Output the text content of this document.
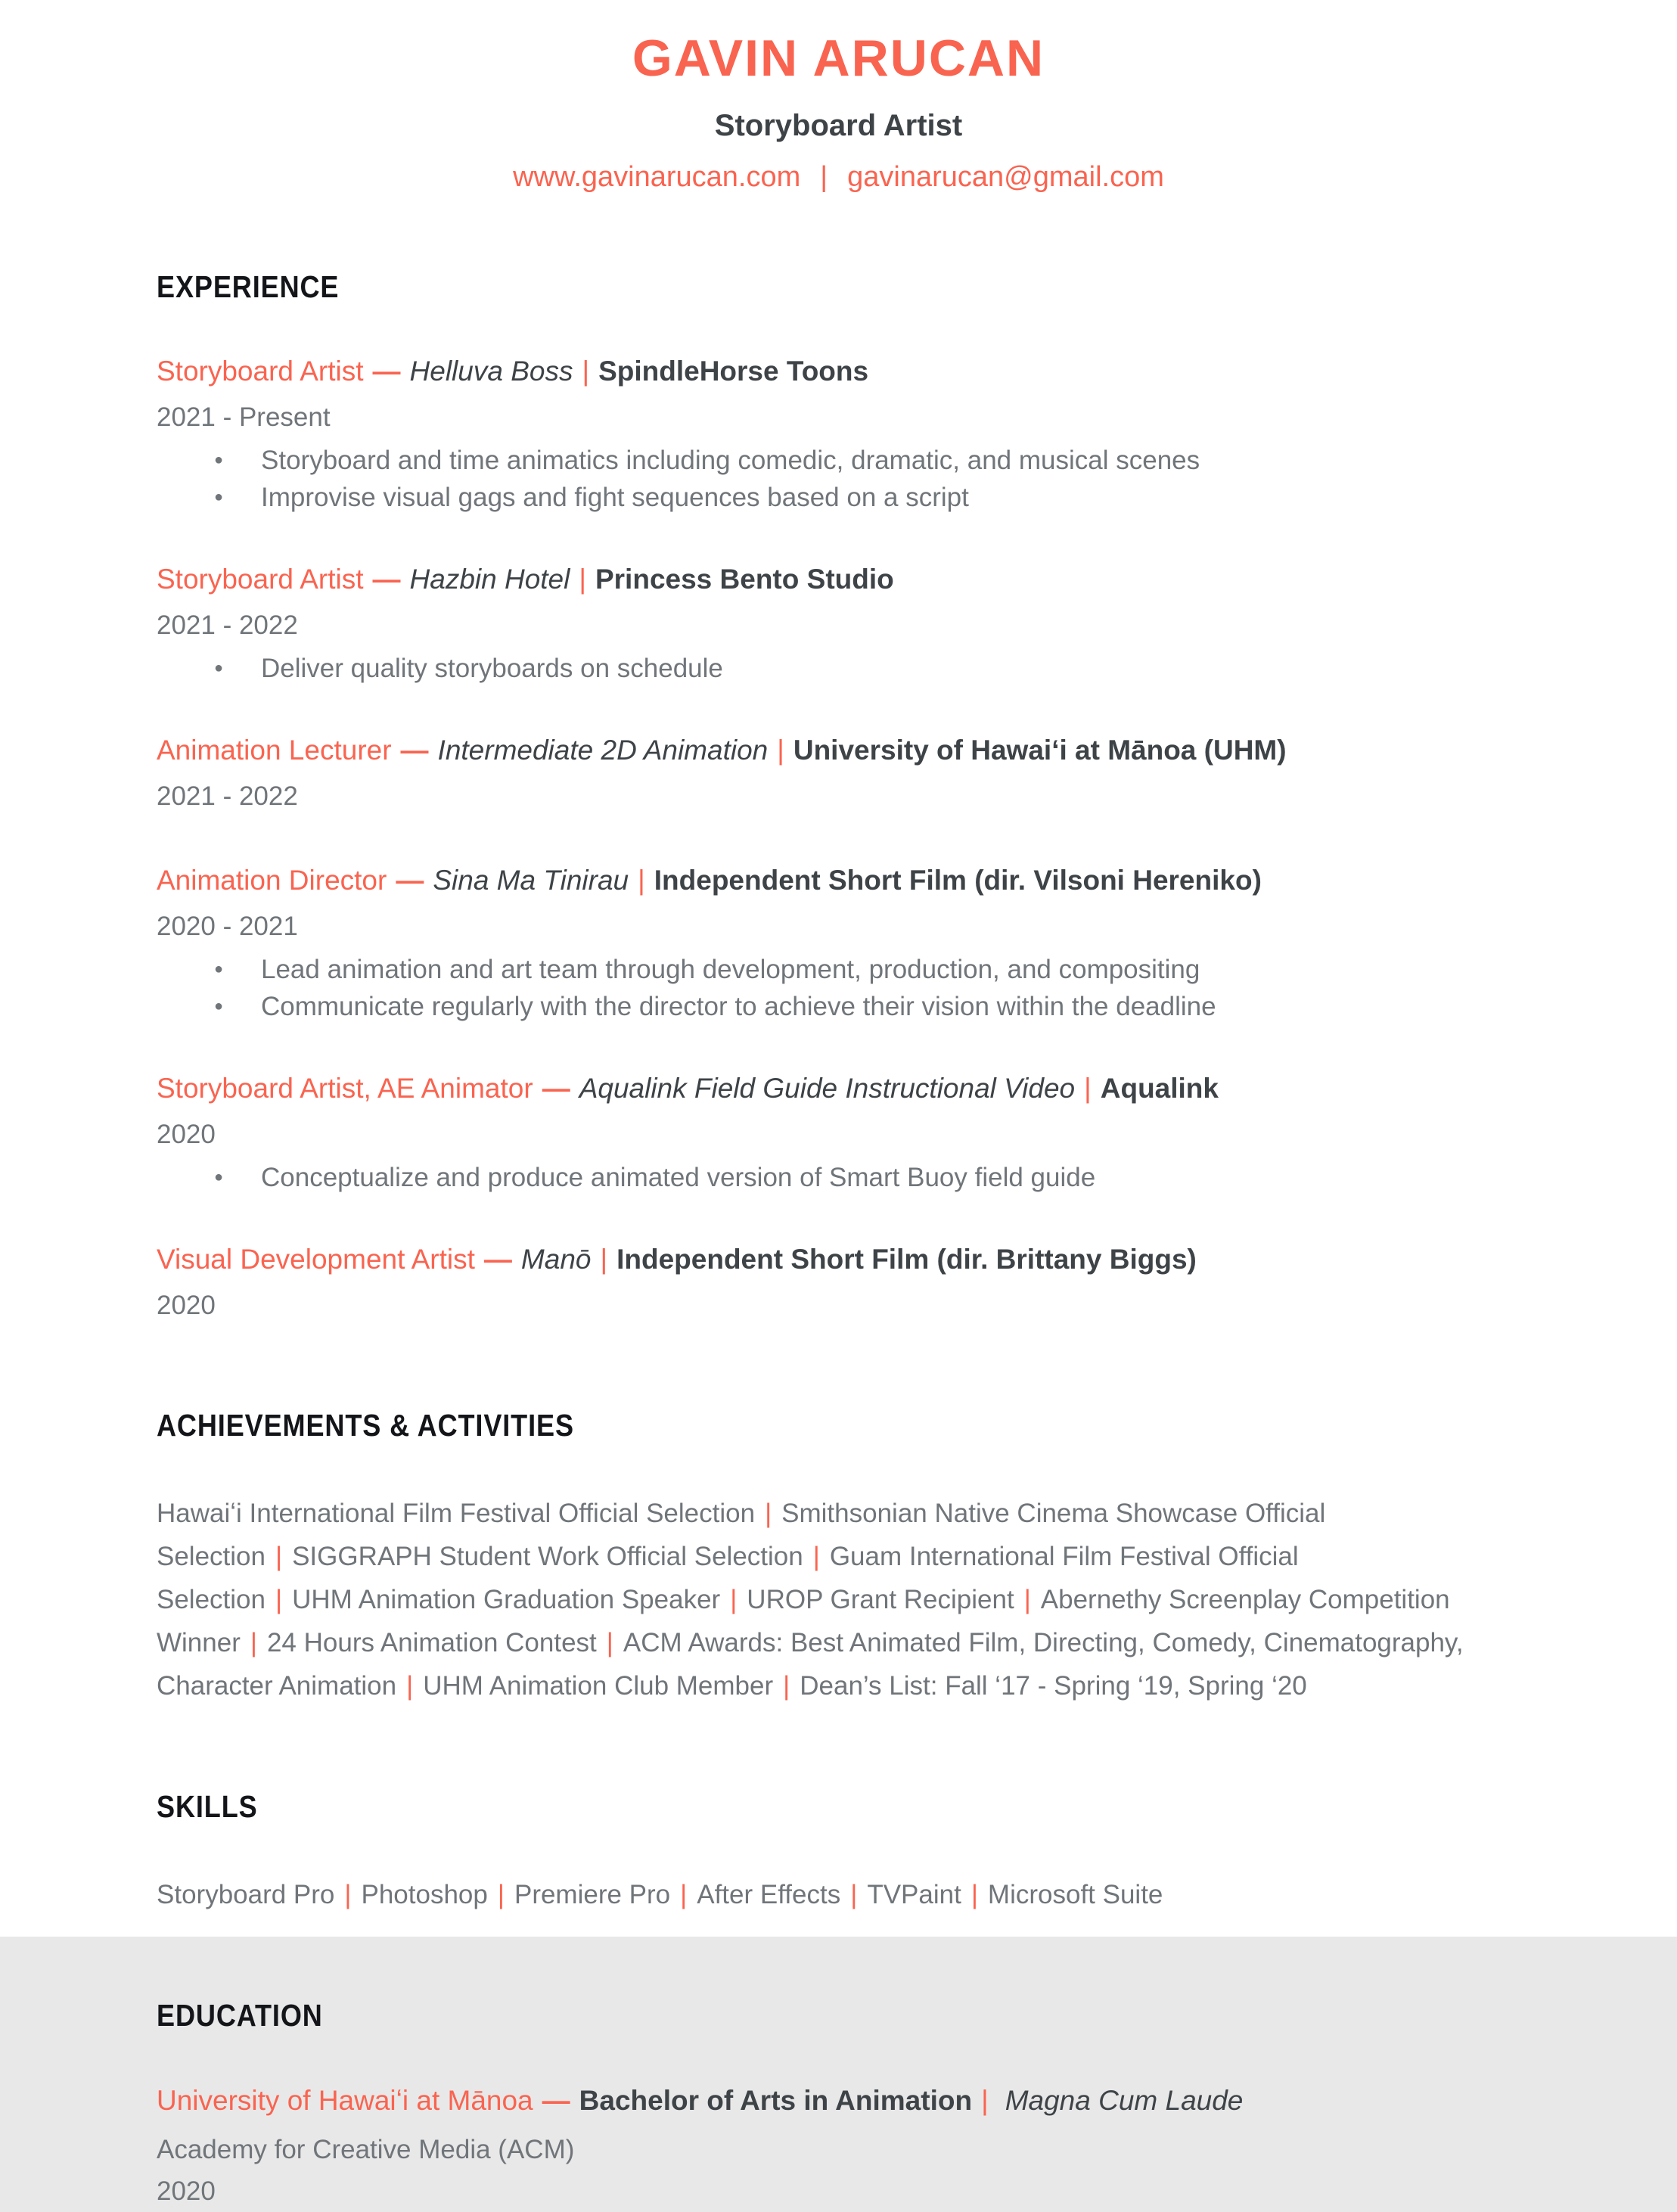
GAVIN ARUCAN
Storyboard Artist
www.gavinarucan.com | gavinarucan@gmail.com
EXPERIENCE
Storyboard Artist — Helluva Boss | SpindleHorse Toons
2021 - Present
● Storyboard and time animatics including comedic, dramatic, and musical scenes
● Improvise visual gags and fight sequences based on a script
Storyboard Artist — Hazbin Hotel | Princess Bento Studio
2021 - 2022
● Deliver quality storyboards on schedule
Animation Lecturer — Intermediate 2D Animation | University of Hawaiʻi at Mānoa (UHM)
2021 - 2022
Animation Director — Sina Ma Tinirau | Independent Short Film (dir. Vilsoni Hereniko)
2020 - 2021
● Lead animation and art team through development, production, and compositing
● Communicate regularly with the director to achieve their vision within the deadline
Storyboard Artist, AE Animator — Aqualink Field Guide Instructional Video | Aqualink
2020
● Conceptualize and produce animated version of Smart Buoy field guide
Visual Development Artist — Manō | Independent Short Film (dir. Brittany Biggs)
2020
ACHIEVEMENTS & ACTIVITIES

Hawaiʻi International Film Festival Official Selection | Smithsonian Native Cinema Showcase Official Selection | SIGGRAPH Student Work Official Selection | Guam International Film Festival Official Selection | UHM Animation Graduation Speaker | UROP Grant Recipient | Abernethy Screenplay Competition Winner | 24 Hours Animation Contest | ACM Awards: Best Animated Film, Directing, Comedy, Cinematography, Character Animation | UHM Animation Club Member | Dean’s List: Fall ‘17 - Spring ‘19, Spring ‘20

SKILLS

Storyboard Pro | Photoshop | Premiere Pro | After Effects | TVPaint | Microsoft Suite

EDUCATION
University of Hawaiʻi at Mānoa — Bachelor of Arts in Animation | Magna Cum Laude
Academy for Creative Media (ACM)
2020
